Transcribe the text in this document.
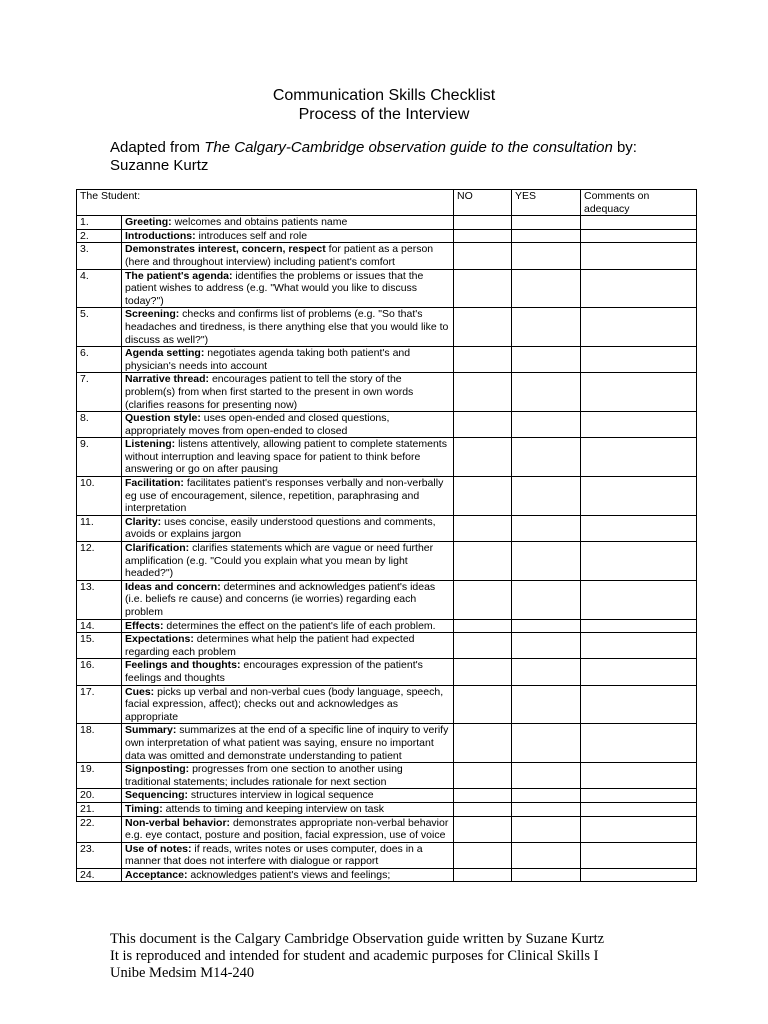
Communication Skills Checklist
Process of the Interview
Adapted from The Calgary-Cambridge observation guide to the consultation by:
Suzanne Kurtz
The Student:		NO	YES	Comments on adequacy
1.	Greeting: welcomes and obtains patients name			
2.	Introductions: introduces self and role			
3.	Demonstrates interest, concern, respect for patient as a person (here and throughout interview) including patient's comfort			
4.	The patient's agenda: identifies the problems or issues that the patient wishes to address (e.g. "What would you like to discuss today?")			
5.	Screening: checks and confirms list of problems (e.g. "So that's headaches and tiredness, is there anything else that you would like to discuss as well?")			
6.	Agenda setting: negotiates agenda taking both patient's and physician's needs into account			
7.	Narrative thread: encourages patient to tell the story of the problem(s) from when first started to the present in own words (clarifies reasons for presenting now)			
8.	Question style: uses open-ended and closed questions, appropriately moves from open-ended to closed			
9.	Listening: listens attentively, allowing patient to complete statements without interruption and leaving space for patient to think before answering or go on after pausing			
10.	Facilitation: facilitates patient's responses verbally and non-verbally eg use of encouragement, silence, repetition, paraphrasing and interpretation			
11.	Clarity: uses concise, easily understood questions and comments, avoids or explains jargon			
12.	Clarification: clarifies statements which are vague or need further amplification (e.g. "Could you explain what you mean by light headed?")			
13.	Ideas and concern: determines and acknowledges patient's ideas (i.e. beliefs re cause) and concerns (ie worries) regarding each problem			
14.	Effects: determines the effect on the patient's life of each problem.			
15.	Expectations: determines what help the patient had expected regarding each problem			
16.	Feelings and thoughts: encourages expression of the patient's feelings and thoughts			
17.	Cues: picks up verbal and non-verbal cues (body language, speech, facial expression, affect); checks out and acknowledges as appropriate			
18.	Summary: summarizes at the end of a specific line of inquiry to verify own interpretation of what patient was saying, ensure no important data was omitted and demonstrate understanding to patient			
19.	Signposting: progresses from one section to another using traditional statements; includes rationale for next section			
20.	Sequencing: structures interview in logical sequence			
21.	Timing: attends to timing and keeping interview on task			
22.	Non-verbal behavior: demonstrates appropriate non-verbal behavior e.g. eye contact, posture and position, facial expression, use of voice			
23.	Use of notes: if reads, writes notes or uses computer, does in a manner that does not interfere with dialogue or rapport			
24.	Acceptance: acknowledges patient's views and feelings;			
This document is the Calgary Cambridge Observation guide written by Suzane Kurtz
It is reproduced and intended for student and academic purposes for Clinical Skills I
Unibe Medsim M14-240
